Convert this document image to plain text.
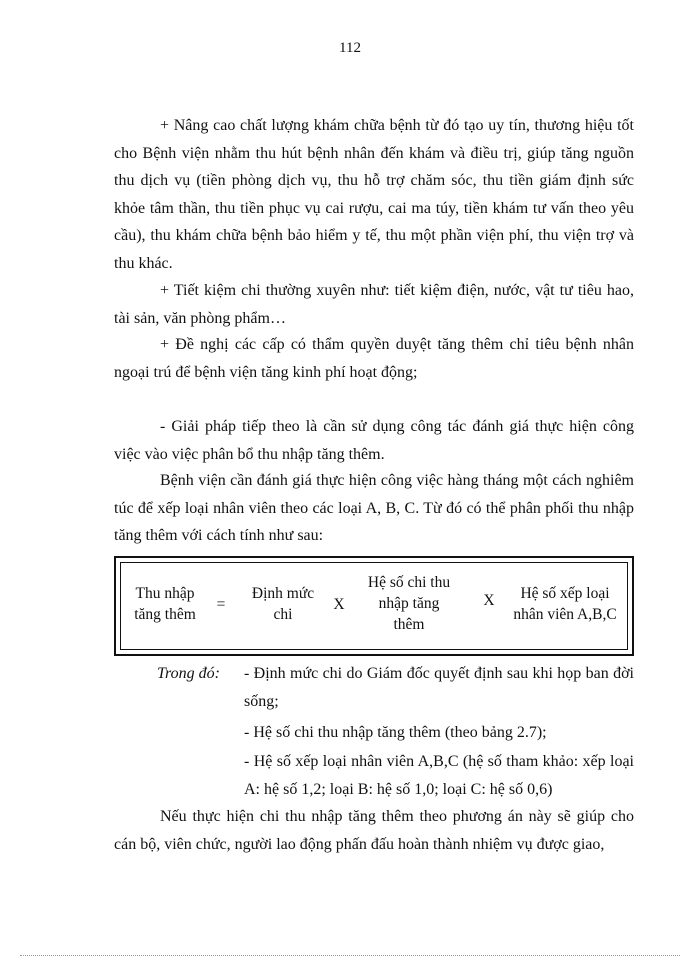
112

+ Nâng cao chất lượng khám chữa bệnh từ đó tạo uy tín, thương hiệu tốt cho Bệnh viện nhằm thu hút bệnh nhân đến khám và điều trị, giúp tăng nguồn thu dịch vụ (tiền phòng dịch vụ, thu hỗ trợ chăm sóc, thu tiền giám định sức khỏe tâm thần, thu tiền phục vụ cai rượu, cai ma túy, tiền khám tư vấn theo yêu cầu), thu khám chữa bệnh bảo hiểm y tế, thu một phần viện phí, thu viện trợ và thu khác.

+ Tiết kiệm chi thường xuyên như: tiết kiệm điện, nước, vật tư tiêu hao, tài sản, văn phòng phẩm…

+ Đề nghị các cấp có thẩm quyền duyệt tăng thêm chỉ tiêu bệnh nhân ngoại trú để bệnh viện tăng kinh phí hoạt động;

- Giải pháp tiếp theo là cần sử dụng công tác đánh giá thực hiện công việc vào việc phân bổ thu nhập tăng thêm.

Bệnh viện cần đánh giá thực hiện công việc hàng tháng một cách nghiêm túc để xếp loại nhân viên theo các loại A, B, C. Từ đó có thể phân phối thu nhập tăng thêm với cách tính như sau:

Thu nhập
tăng thêm
=
Định mức
chi
X
Hệ số chi thu
nhập tăng
thêm
X	Hệ số xếp loại
nhân viên A,B,C
Trong đó: - Định mức chi do Giám đốc quyết định sau khi họp ban đời sống;

- Hệ số chi thu nhập tăng thêm (theo bảng 2.7);

- Hệ số xếp loại nhân viên A,B,C (hệ số tham khảo: xếp loại A: hệ số 1,2; loại B: hệ số 1,0; loại C: hệ số 0,6)

Nếu thực hiện chi thu nhập tăng thêm theo phương án này sẽ giúp cho cán bộ, viên chức, người lao động phấn đấu hoàn thành nhiệm vụ được giao,
